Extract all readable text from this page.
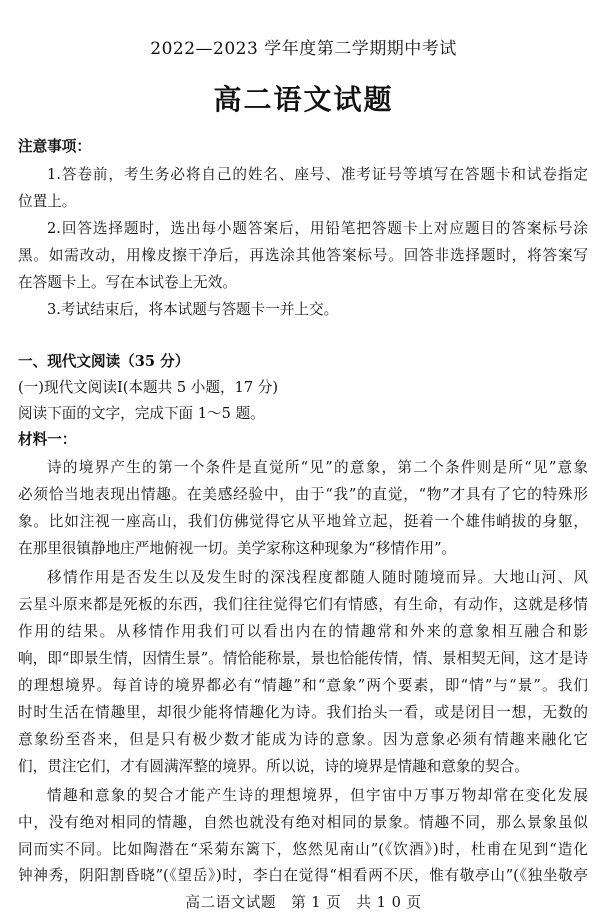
2022—2023 学年度第二学期期中考试
高二语文试题
注意事项：
1.答卷前，考生务必将自己的姓名、座号、准考证号等填写在答题卡和试卷指定
位置上。
2.回答选择题时，选出每小题答案后，用铅笔把答题卡上对应题目的答案标号涂
黑。如需改动，用橡皮擦干净后，再选涂其他答案标号。回答非选择题时，将答案写
在答题卡上。写在本试卷上无效。
3.考试结束后，将本试题与答题卡一并上交。
一、现代文阅读（35 分）
(一)现代文阅读Ⅰ(本题共 5 小题，17 分)
阅读下面的文字，完成下面 1～5 题。
材料一：
诗的境界产生的第一个条件是直觉所“见”的意象，第二个条件则是所“见”意象
必须恰当地表现出情趣。在美感经验中，由于“我”的直觉，“物”才具有了它的特殊形
象。比如注视一座高山，我们仿佛觉得它从平地耸立起，挺着一个雄伟峭拔的身躯，
在那里很镇静地庄严地俯视一切。美学家称这种现象为“移情作用”。
移情作用是否发生以及发生时的深浅程度都随人随时随境而异。大地山河、风
云星斗原来都是死板的东西，我们往往觉得它们有情感，有生命，有动作，这就是移情
作用的结果。从移情作用我们可以看出内在的情趣常和外来的意象相互融合和影
响，即“即景生情，因情生景”。情恰能称景，景也恰能传情，情、景相契无间，这才是诗
的理想境界。每首诗的境界都必有“情趣”和“意象”两个要素，即“情”与“景”。我们
时时生活在情趣里，却很少能将情趣化为诗。我们抬头一看，或是闭目一想，无数的
意象纷至沓来，但是只有极少数才能成为诗的意象。因为意象必须有情趣来融化它
们，贯注它们，才有圆满浑整的境界。所以说，诗的境界是情趣和意象的契合。
情趣和意象的契合才能产生诗的理想境界，但宇宙中万事万物却常在变化发展
中，没有绝对相同的情趣，自然也就没有绝对相同的景象。情趣不同，那么景象虽似
同而实不同。比如陶潜在“采菊东篱下，悠然见南山”(《饮酒》)时，杜甫在见到“造化
钟神秀，阴阳割昏晓”(《望岳》)时，李白在觉得“相看两不厌，惟有敬亭山”(《独坐敬亭
高二语文试题　第 1 页　共 1 0 页
